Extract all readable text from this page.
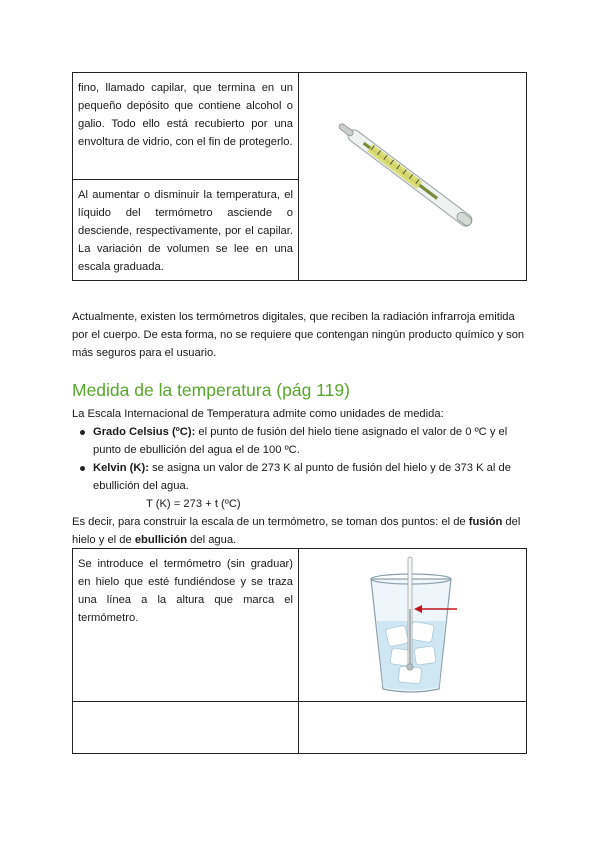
fino, llamado capilar, que termina en un pequeño depósito que contiene alcohol o galio. Todo ello está recubierto por una envoltura de vidrio, con el fin de protegerlo.

Al aumentar o disminuir la temperatura, el líquido del termómetro asciende o desciende, respectivamente, por el capilar. La variación de volumen se lee en una escala graduada.

Actualmente, existen los termómetros digitales, que reciben la radiación infrarroja emitida por el cuerpo. De esta forma, no se requiere que contengan ningún producto químico y son más seguros para el usuario.

Medida de la temperatura (pág 119)

La Escala Internacional de Temperatura admite como unidades de medida:

Grado Celsius (ºC): el punto de fusión del hielo tiene asignado el valor de 0 ºC y el punto de ebullición del agua el de 100 ºC.
Kelvin (K): se asigna un valor de 273 K al punto de fusión del hielo y de 373 K al de ebullición del agua.

T (K) = 273 + t (ºC)

Es decir, para construir la escala de un termómetro, se toman dos puntos: el de fusión del hielo y el de ebullición del agua.

Se introduce el termómetro (sin graduar) en hielo que esté fundiéndose y se traza una línea a la altura que marca el termómetro.
